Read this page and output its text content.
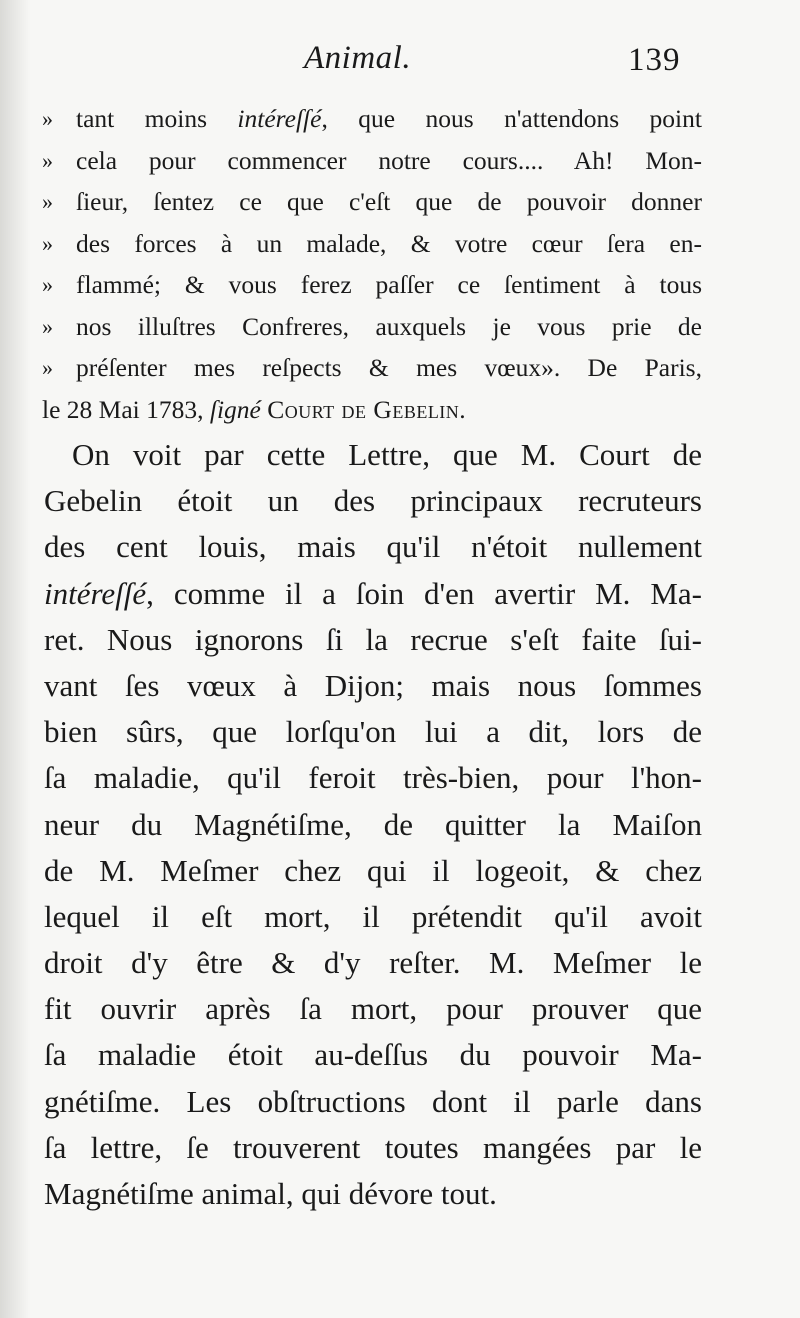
Animal.	139
» tant moins intéreſſé, que nous n'attendons point
» cela pour commencer notre cours.... Ah! Mon-
» ſieur, ſentez ce que c'eſt que de pouvoir donner
» des forces à un malade, & votre cœur ſera en-
» flammé; & vous ferez paſſer ce ſentiment à tous
» nos illuſtres Confreres, auxquels je vous prie de
» préſenter mes reſpects & mes vœux». De Paris,
le 28 Mai 1783, ſigné Court de Gebelin.
On voit par cette Lettre, que M. Court de
Gebelin étoit un des principaux recruteurs
des cent louis, mais qu'il n'étoit nullement
intéreſſé, comme il a ſoin d'en avertir M. Ma-
ret. Nous ignorons ſi la recrue s'eſt faite ſui-
vant ſes vœux à Dijon; mais nous ſommes
bien sûrs, que lorſqu'on lui a dit, lors de
ſa maladie, qu'il feroit très-bien, pour l'hon-
neur du Magnétiſme, de quitter la Maiſon
de M. Meſmer chez qui il logeoit, & chez
lequel il eſt mort, il prétendit qu'il avoit
droit d'y être & d'y reſter. M. Meſmer le
fit ouvrir après ſa mort, pour prouver que
ſa maladie étoit au-deſſus du pouvoir Ma-
gnétiſme. Les obſtructions dont il parle dans
ſa lettre, ſe trouverent toutes mangées par le
Magnétiſme animal, qui dévore tout.
